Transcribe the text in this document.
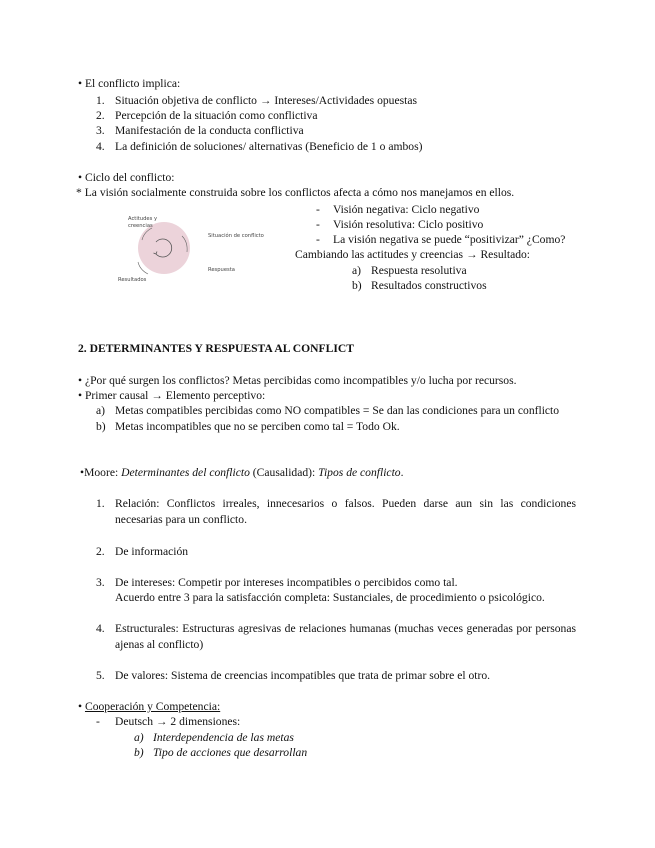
• El conflicto implica:
1. Situación objetiva de conflicto → Intereses/Actividades opuestas
2. Percepción de la situación como conflictiva
3. Manifestación de la conducta conflictiva
4. La definición de soluciones/ alternativas (Beneficio de 1 o ambos)
• Ciclo del conflicto:
* La visión socialmente construida sobre los conflictos afecta a cómo nos manejamos en ellos.
Actitudes y
creencias
Situación de conflicto
Respuesta
Resultados
- Visión negativa: Ciclo negativo
- Visión resolutiva: Ciclo positivo
- La visión negativa se puede “positivizar” ¿Como?
Cambiando las actitudes y creencias → Resultado:
a) Respuesta resolutiva
b) Resultados constructivos
2. DETERMINANTES Y RESPUESTA AL CONFLICT
• ¿Por qué surgen los conflictos? Metas percibidas como incompatibles y/o lucha por recursos.
• Primer causal → Elemento perceptivo:
a) Metas compatibles percibidas como NO compatibles = Se dan las condiciones para un conflicto
b) Metas incompatibles que no se perciben como tal = Todo Ok.
•Moore: Determinantes del conflicto (Causalidad): Tipos de conflicto.
1. Relación: Conflictos irreales, innecesarios o falsos. Pueden darse aun sin las condiciones necesarias para un conflicto.
2. De información
3. De intereses: Competir por intereses incompatibles o percibidos como tal.
Acuerdo entre 3 para la satisfacción completa: Sustanciales, de procedimiento o psicológico.
4. Estructurales: Estructuras agresivas de relaciones humanas (muchas veces generadas por personas ajenas al conflicto)
5. De valores: Sistema de creencias incompatibles que trata de primar sobre el otro.
• Cooperación y Competencia:
- Deutsch → 2 dimensiones:
a) Interdependencia de las metas
b) Tipo de acciones que desarrollan
